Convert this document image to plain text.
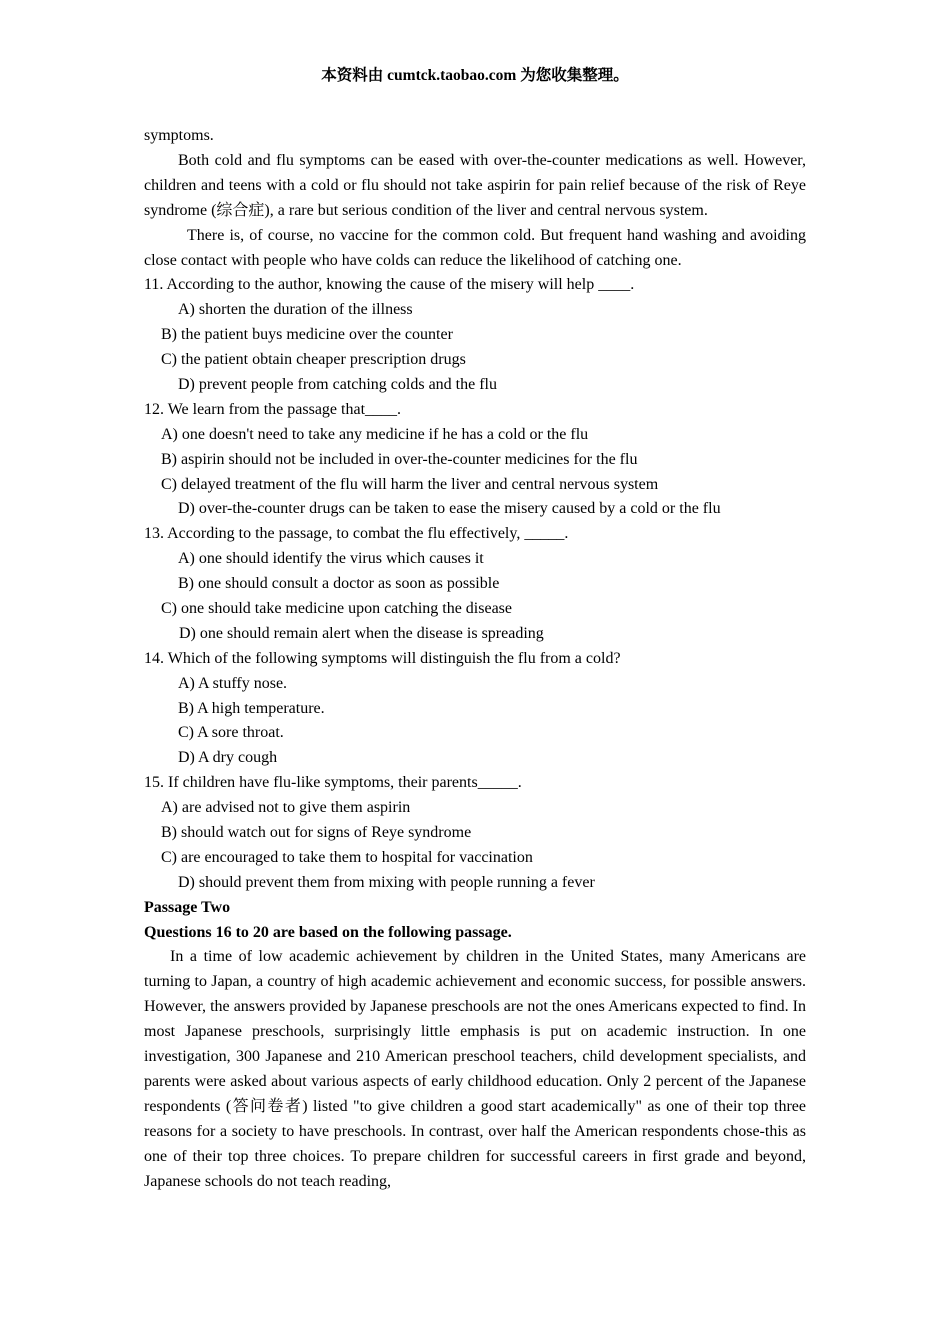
本资料由 cumtck.taobao.com 为您收集整理。
symptoms.
Both cold and flu symptoms can be eased with over-the-counter medications as well. However, children and teens with a cold or flu should not take aspirin for pain relief because of the risk of Reye syndrome (综合症), a rare but serious condition of the liver and central nervous system.
There is, of course, no vaccine for the common cold. But frequent hand washing and avoiding close contact with people who have colds can reduce the likelihood of catching one.
11. According to the author, knowing the cause of the misery will help ____.
A) shorten the duration of the illness
B) the patient buys medicine over the counter
C) the patient obtain cheaper prescription drugs
D) prevent people from catching colds and the flu
12. We learn from the passage that____.
A) one doesn't need to take any medicine if he has a cold or the flu
B) aspirin should not be included in over-the-counter medicines for the flu
C) delayed treatment of the flu will harm the liver and central nervous system
D) over-the-counter drugs can be taken to ease the misery caused by a cold or the flu
13. According to the passage, to combat the flu effectively, _____.
A) one should identify the virus which causes it
B) one should consult a doctor as soon as possible
C) one should take medicine upon catching the disease
D) one should remain alert when the disease is spreading
14. Which of the following symptoms will distinguish the flu from a cold?
A) A stuffy nose.
B) A high temperature.
C) A sore throat.
D) A dry cough
15. If children have flu-like symptoms, their parents_____.
A) are advised not to give them aspirin
B) should watch out for signs of Reye syndrome
C) are encouraged to take them to hospital for vaccination
D) should prevent them from mixing with people running a fever
Passage Two
Questions 16 to 20 are based on the following passage.
In a time of low academic achievement by children in the United States, many Americans are turning to Japan, a country of high academic achievement and economic success, for possible answers. However, the answers provided by Japanese preschools are not the ones Americans expected to find. In most Japanese preschools, surprisingly little emphasis is put on academic instruction. In one investigation, 300 Japanese and 210 American preschool teachers, child development specialists, and parents were asked about various aspects of early childhood education. Only 2 percent of the Japanese respondents (答问卷者) listed "to give children a good start academically" as one of their top three reasons for a society to have preschools. In contrast, over half the American respondents chose-this as one of their top three choices. To prepare children for successful careers in first grade and beyond, Japanese schools do not teach reading,
